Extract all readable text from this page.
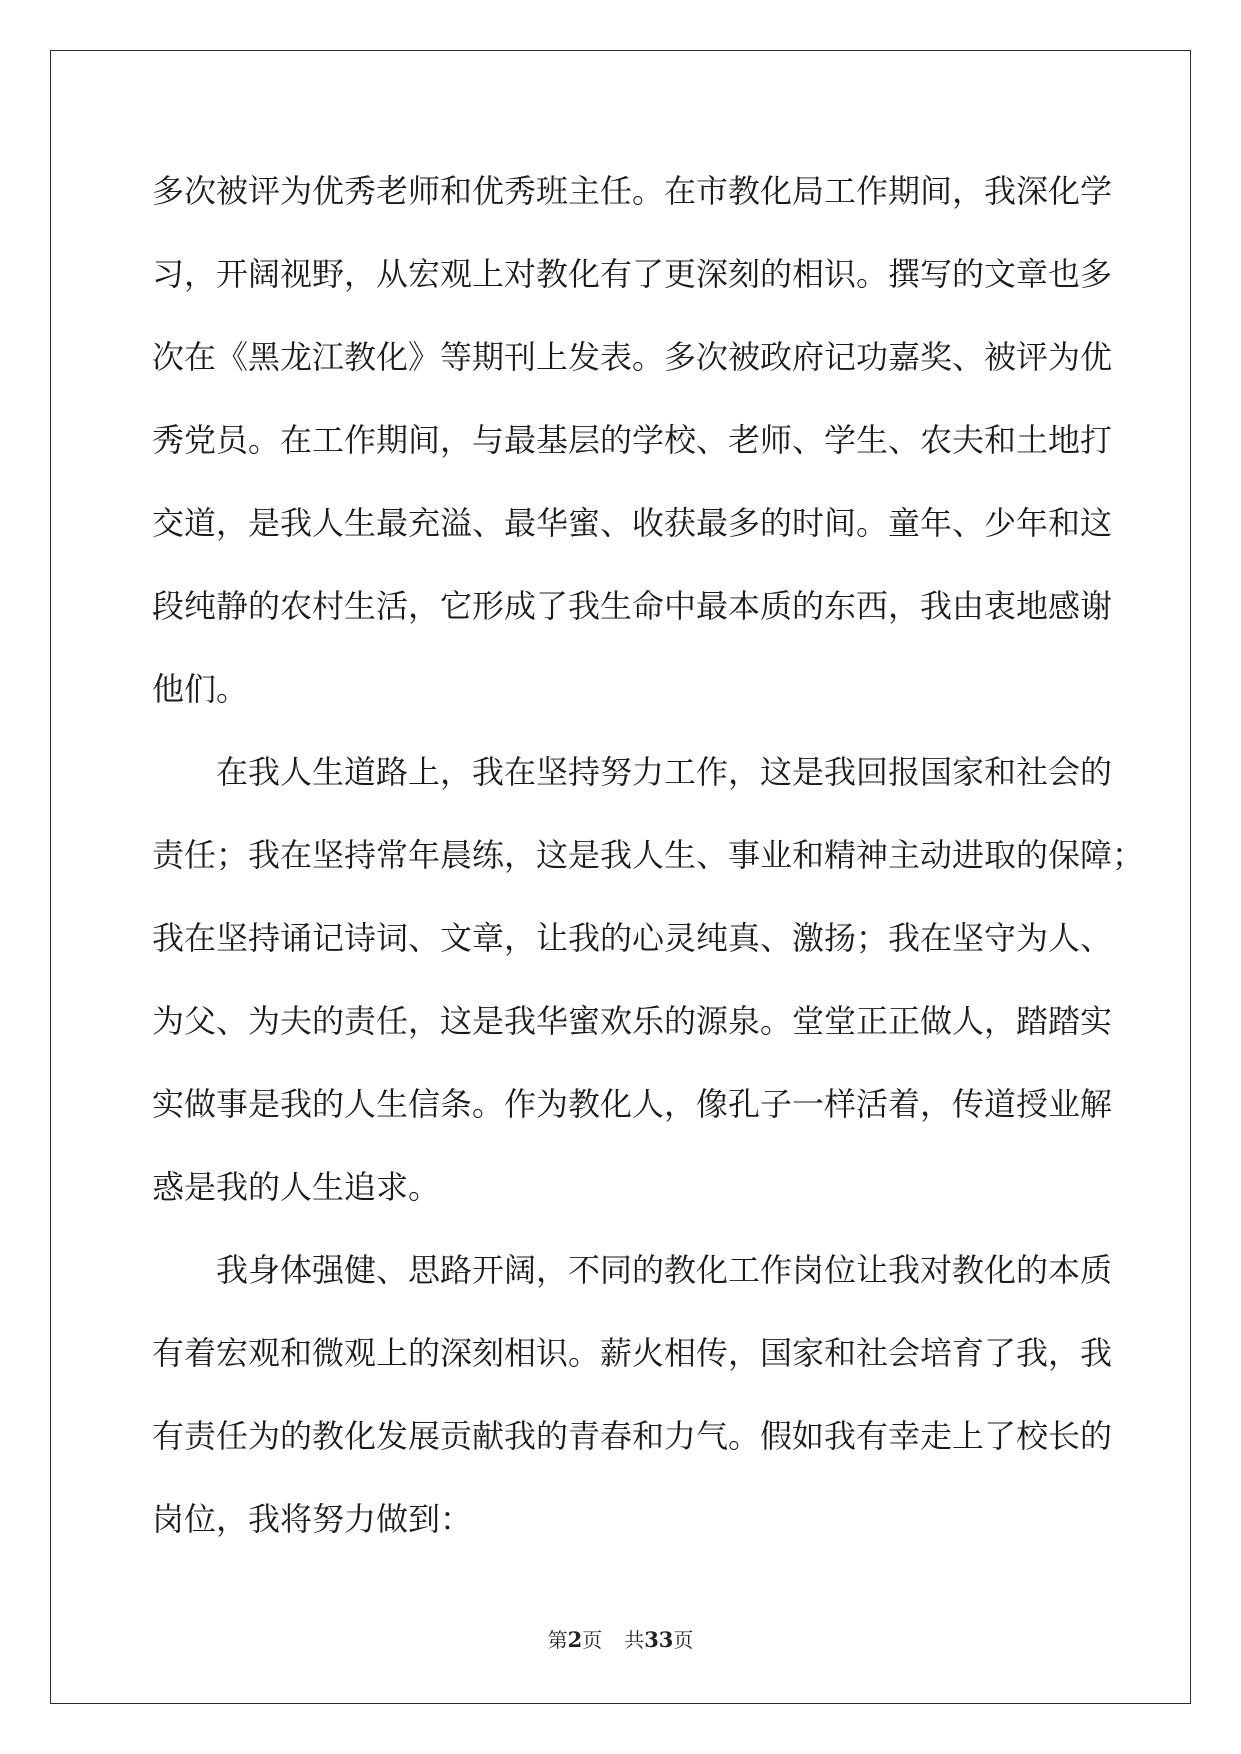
多次被评为优秀老师和优秀班主任。在市教化局工作期间，我深化学
习，开阔视野，从宏观上对教化有了更深刻的相识。撰写的文章也多
次在《黑龙江教化》等期刊上发表。多次被政府记功嘉奖、被评为优
秀党员。在工作期间，与最基层的学校、老师、学生、农夫和土地打
交道，是我人生最充溢、最华蜜、收获最多的时间。童年、少年和这
段纯静的农村生活，它形成了我生命中最本质的东西，我由衷地感谢
他们。
　　在我人生道路上，我在坚持努力工作，这是我回报国家和社会的
责任；我在坚持常年晨练，这是我人生、事业和精神主动进取的保障；
我在坚持诵记诗词、文章，让我的心灵纯真、激扬；我在坚守为人、
为父、为夫的责任，这是我华蜜欢乐的源泉。堂堂正正做人，踏踏实
实做事是我的人生信条。作为教化人，像孔子一样活着，传道授业解
惑是我的人生追求。
　　我身体强健、思路开阔，不同的教化工作岗位让我对教化的本质
有着宏观和微观上的深刻相识。薪火相传，国家和社会培育了我，我
有责任为的教化发展贡献我的青春和力气。假如我有幸走上了校长的
岗位，我将努力做到：
第2页 共33页
